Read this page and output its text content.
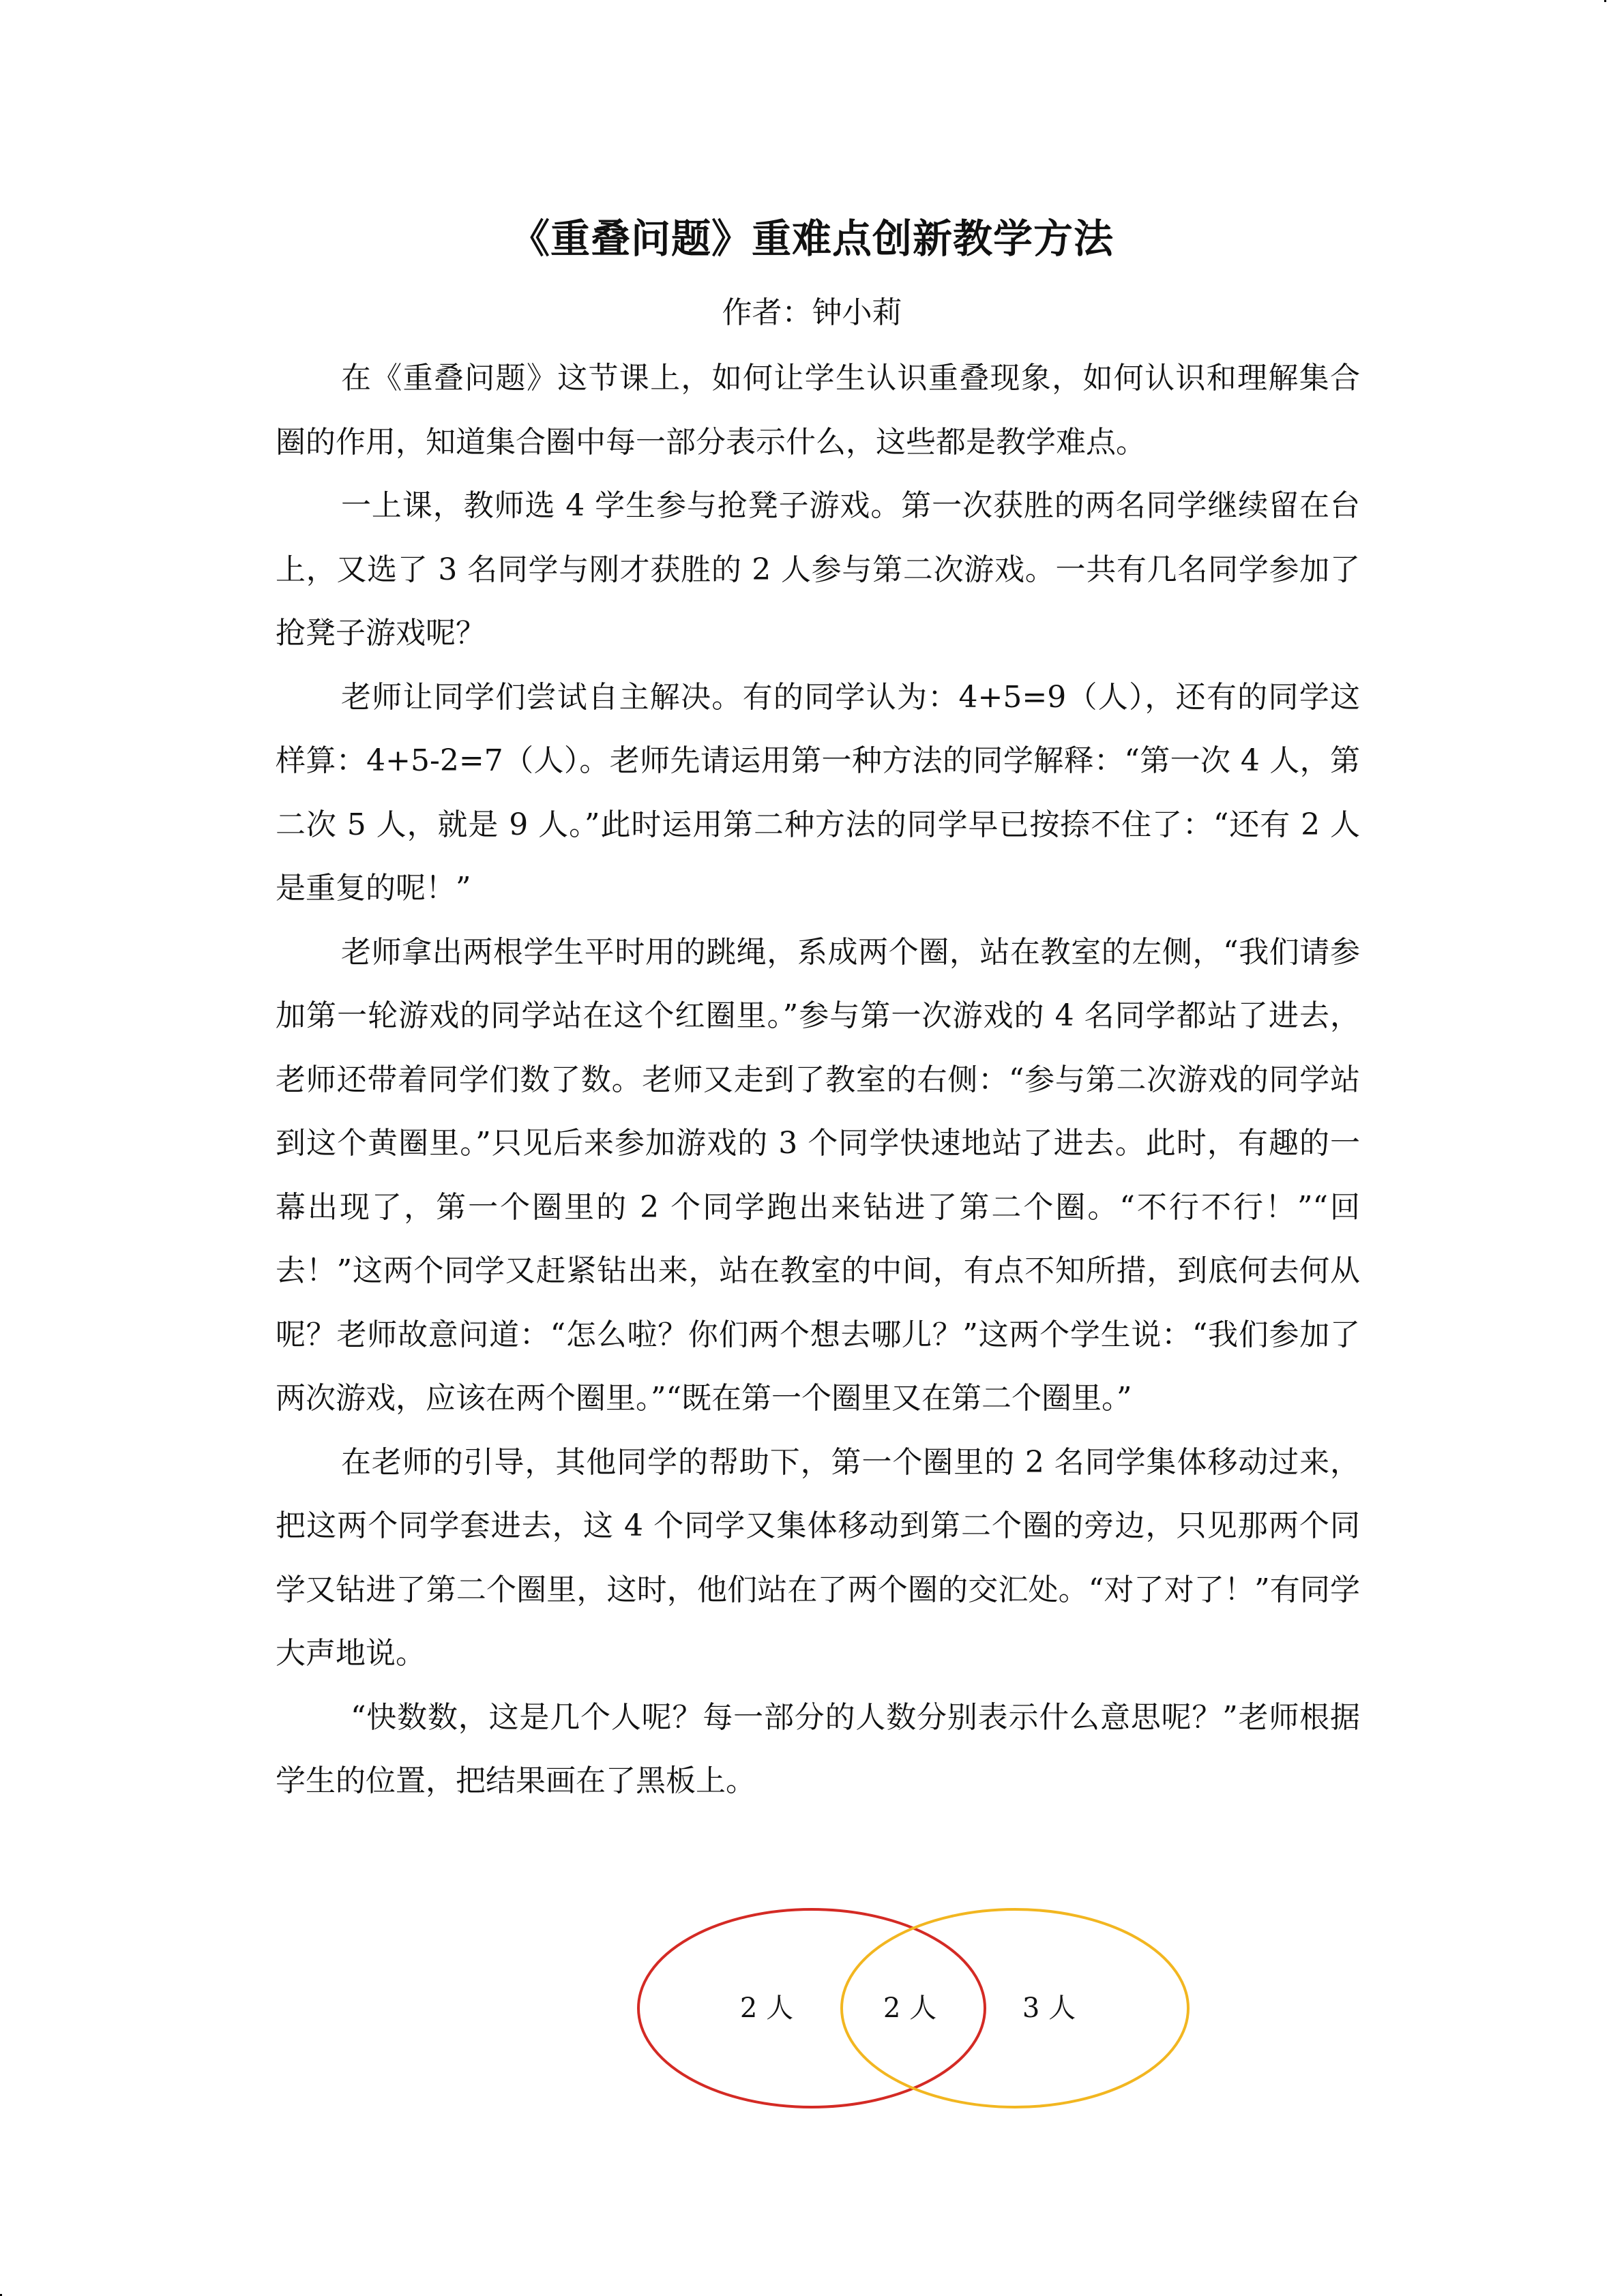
《重叠问题》重难点创新教学方法
作者：钟小莉

在《重叠问题》这节课上，如何让学生认识重叠现象，如何认识和理解集合圈的作用，知道集合圈中每一部分表示什么，这些都是教学难点。

一上课，教师选 4 学生参与抢凳子游戏。第一次获胜的两名同学继续留在台上，又选了 3 名同学与刚才获胜的 2 人参与第二次游戏。一共有几名同学参加了抢凳子游戏呢？

老师让同学们尝试自主解决。有的同学认为：4+5=9（人），还有的同学这样算：4+5-2=7（人）。老师先请运用第一种方法的同学解释：“第一次 4 人，第二次 5 人，就是 9 人。”此时运用第二种方法的同学早已按捺不住了：“还有 2 人是重复的呢！”

老师拿出两根学生平时用的跳绳，系成两个圈，站在教室的左侧，“我们请参加第一轮游戏的同学站在这个红圈里。”参与第一次游戏的 4 名同学都站了进去，老师还带着同学们数了数。老师又走到了教室的右侧：“参与第二次游戏的同学站到这个黄圈里。”只见后来参加游戏的 3 个同学快速地站了进去。此时，有趣的一幕出现了，第一个圈里的 2 个同学跑出来钻进了第二个圈。“不行不行！”“回去！”这两个同学又赶紧钻出来，站在教室的中间，有点不知所措，到底何去何从呢？老师故意问道：“怎么啦？你们两个想去哪儿？”这两个学生说：“我们参加了两次游戏，应该在两个圈里。”“既在第一个圈里又在第二个圈里。”

在老师的引导，其他同学的帮助下，第一个圈里的 2 名同学集体移动过来，把这两个同学套进去，这 4 个同学又集体移动到第二个圈的旁边，只见那两个同学又钻进了第二个圈里，这时，他们站在了两个圈的交汇处。“对了对了！”有同学大声地说。

“快数数，这是几个人呢？每一部分的人数分别表示什么意思呢？”老师根据学生的位置，把结果画在了黑板上。

2 人	2 人	3 人
